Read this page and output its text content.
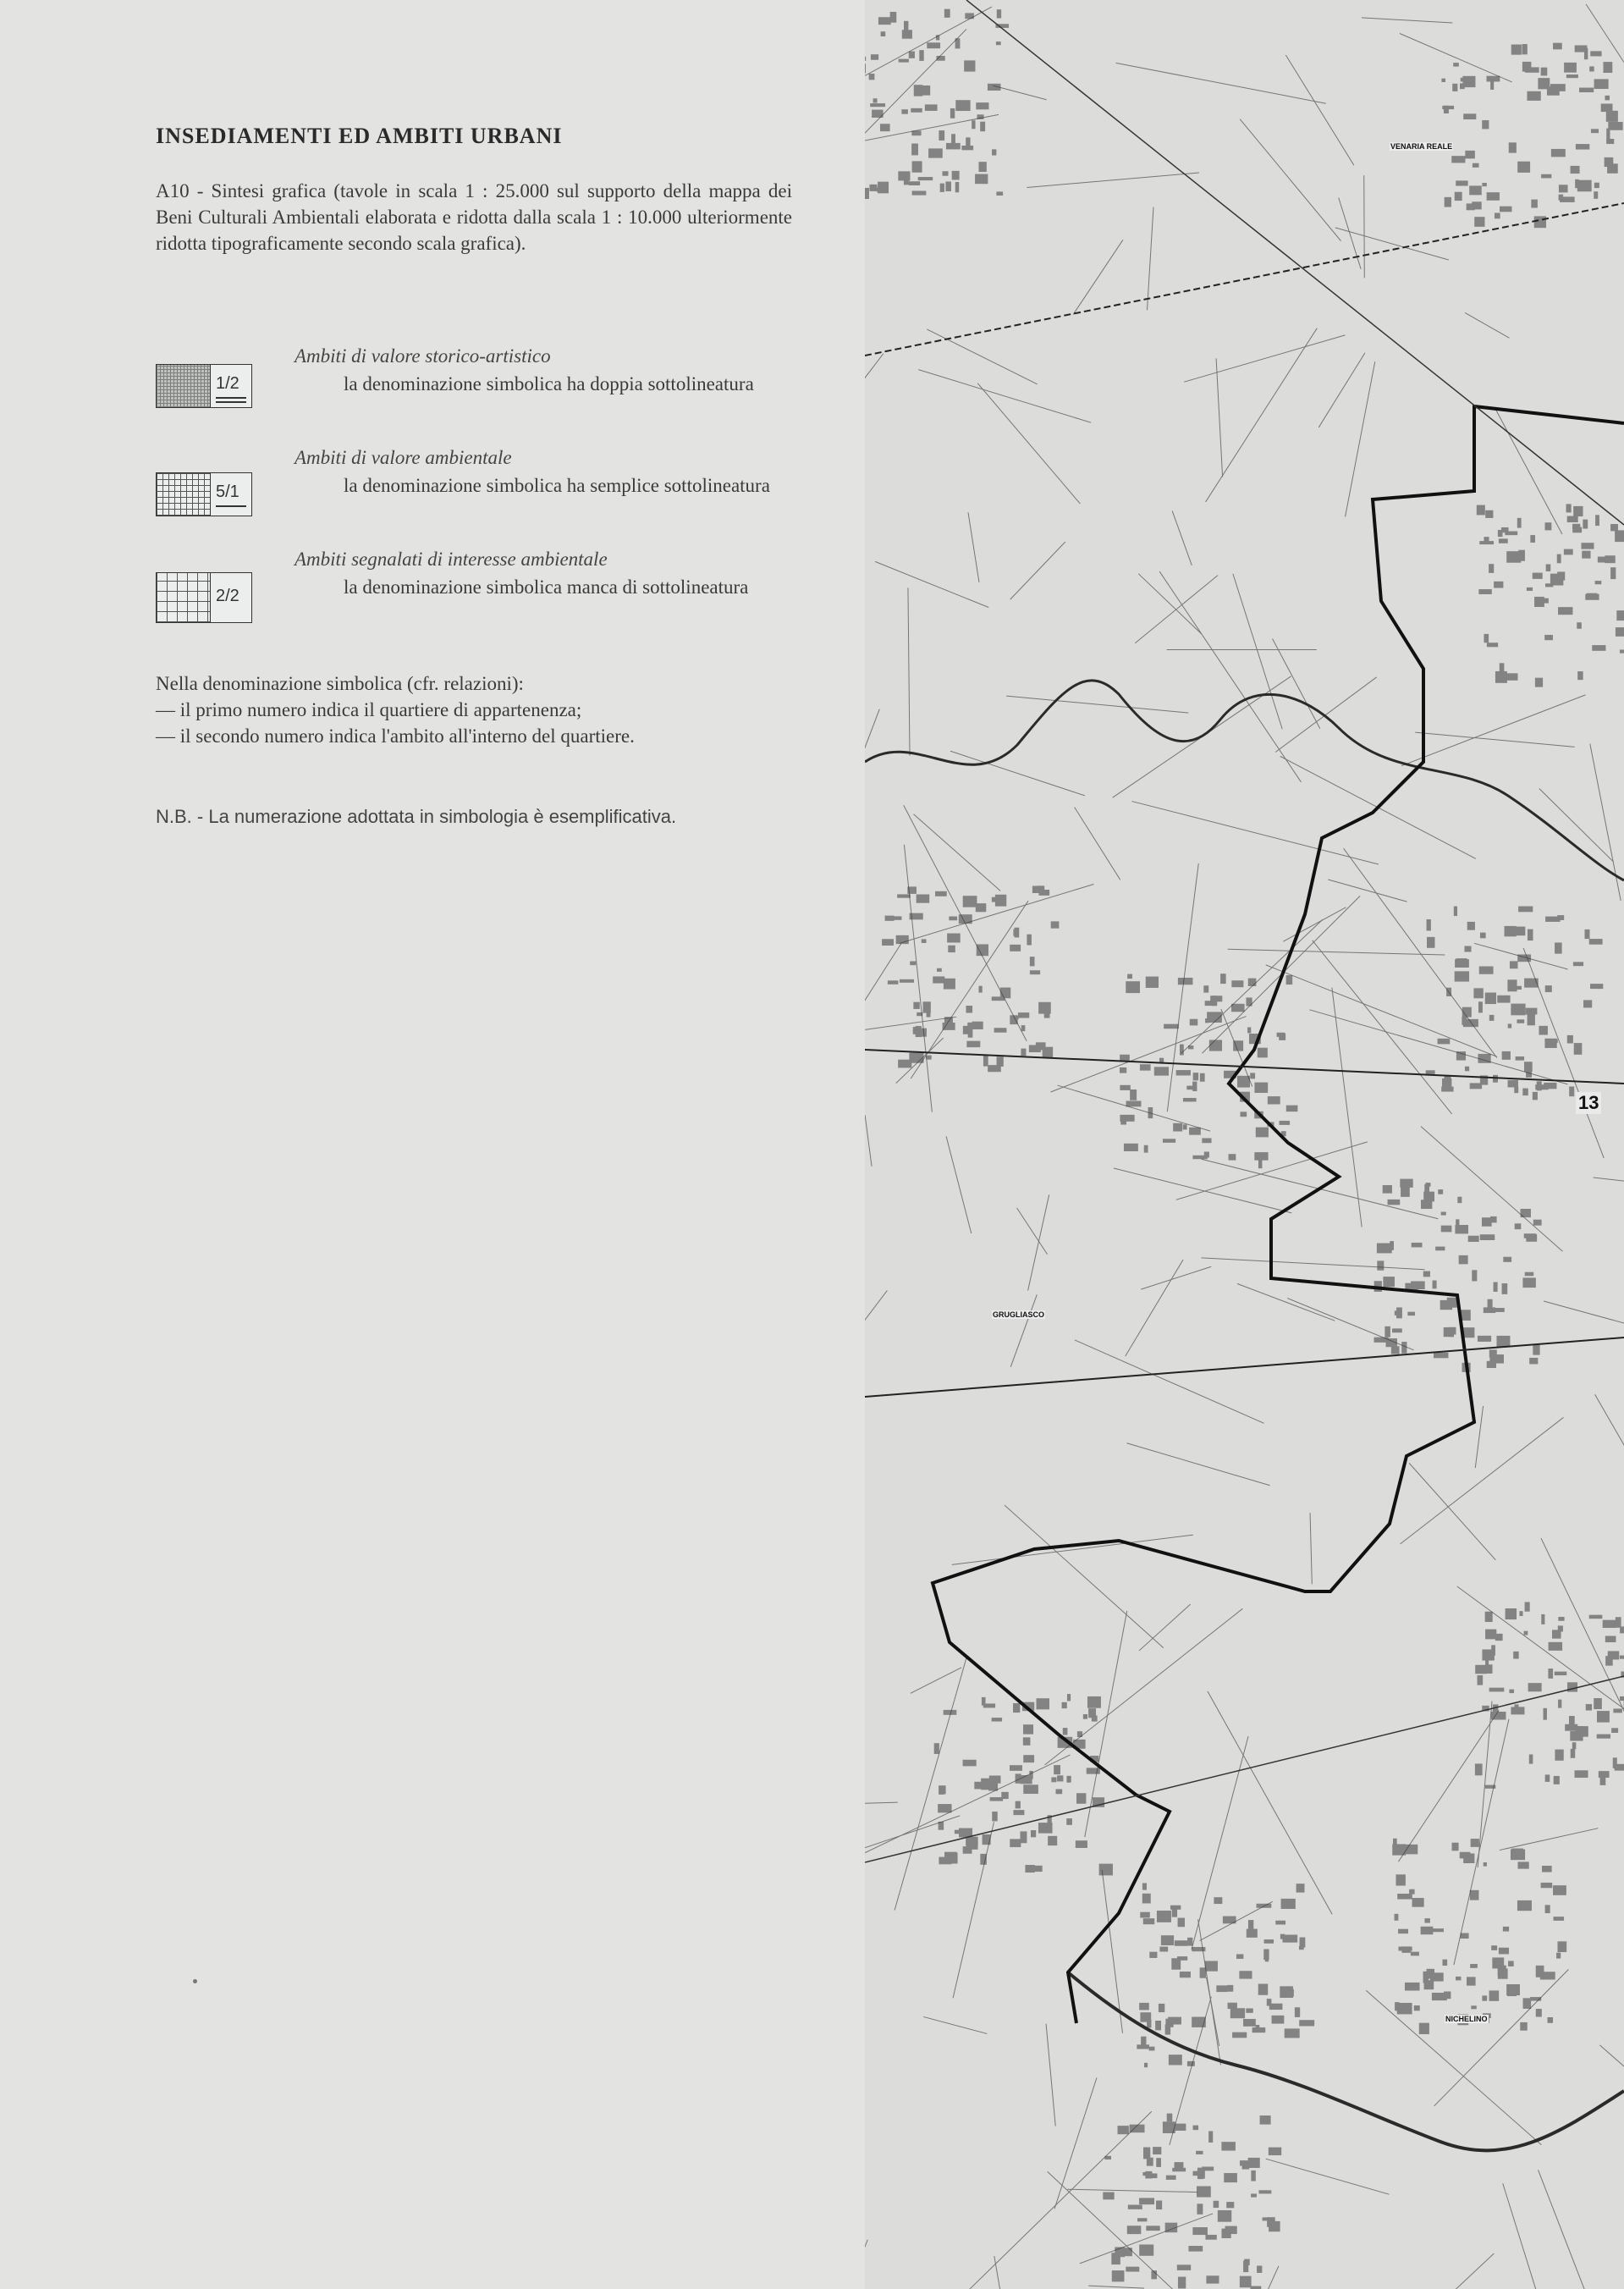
INSEDIAMENTI ED AMBITI URBANI
A10 - Sintesi grafica (tavole in scala 1 : 25.000 sul supporto della mappa dei Beni Culturali Ambientali elaborata e ridotta dalla scala 1 : 10.000 ulteriormente ridotta tipograficamente secondo scala grafica).
1/2
Ambiti di valore storico-artistico
la denominazione simbolica ha doppia sottolineatura
5/1
Ambiti di valore ambientale
la denominazione simbolica ha semplice sottolineatura
2/2
Ambiti segnalati di interesse ambientale
la denominazione simbolica manca di sottolineatura
Nella denominazione simbolica (cfr. relazioni):
— il primo numero indica il quartiere di appartenenza;
— il secondo numero indica l'ambito all'interno del quartiere.
N.B. - La numerazione adottata in simbologia è esemplificativa.
VENARIA REALE
GRUGLIASCO
NICHELINO
13
